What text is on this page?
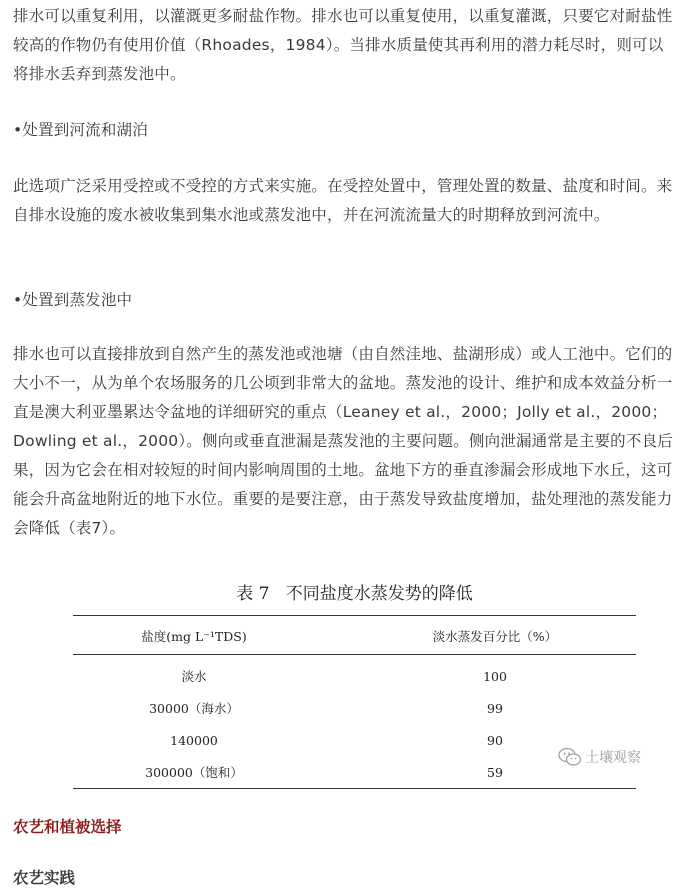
排水可以重复利用，以灌溉更多耐盐作物。排水也可以重复使用，以重复灌溉，只要它对耐盐性较高的作物仍有使用价值（Rhoades，1984）。当排水质量使其再利用的潜力耗尽时，则可以将排水丢弃到蒸发池中。

•处置到河流和湖泊

此选项广泛采用受控或不受控的方式来实施。在受控处置中，管理处置的数量、盐度和时间。来自排水设施的废水被收集到集水池或蒸发池中，并在河流流量大的时期释放到河流中。

•处置到蒸发池中

排水也可以直接排放到自然产生的蒸发池或池塘（由自然洼地、盐湖形成）或人工池中。它们的大小不一，从为单个农场服务的几公顷到非常大的盆地。蒸发池的设计、维护和成本效益分析一直是澳大利亚墨累达令盆地的详细研究的重点（Leaney et al.，2000；Jolly et al.，2000；Dowling et al.，2000）。侧向或垂直泄漏是蒸发池的主要问题。侧向泄漏通常是主要的不良后果，因为它会在相对较短的时间内影响周围的土地。盆地下方的垂直渗漏会形成地下水丘，这可能会升高盆地附近的地下水位。重要的是要注意，由于蒸发导致盐度增加，盐处理池的蒸发能力会降低（表7）。

表 7   不同盐度水蒸发势的降低
盐度(mg L⁻¹TDS)	淡水蒸发百分比（%）
淡水	100
30000（海水）	99
140000	90
300000（饱和）	59
农艺和植被选择
农艺实践
土壤观察
